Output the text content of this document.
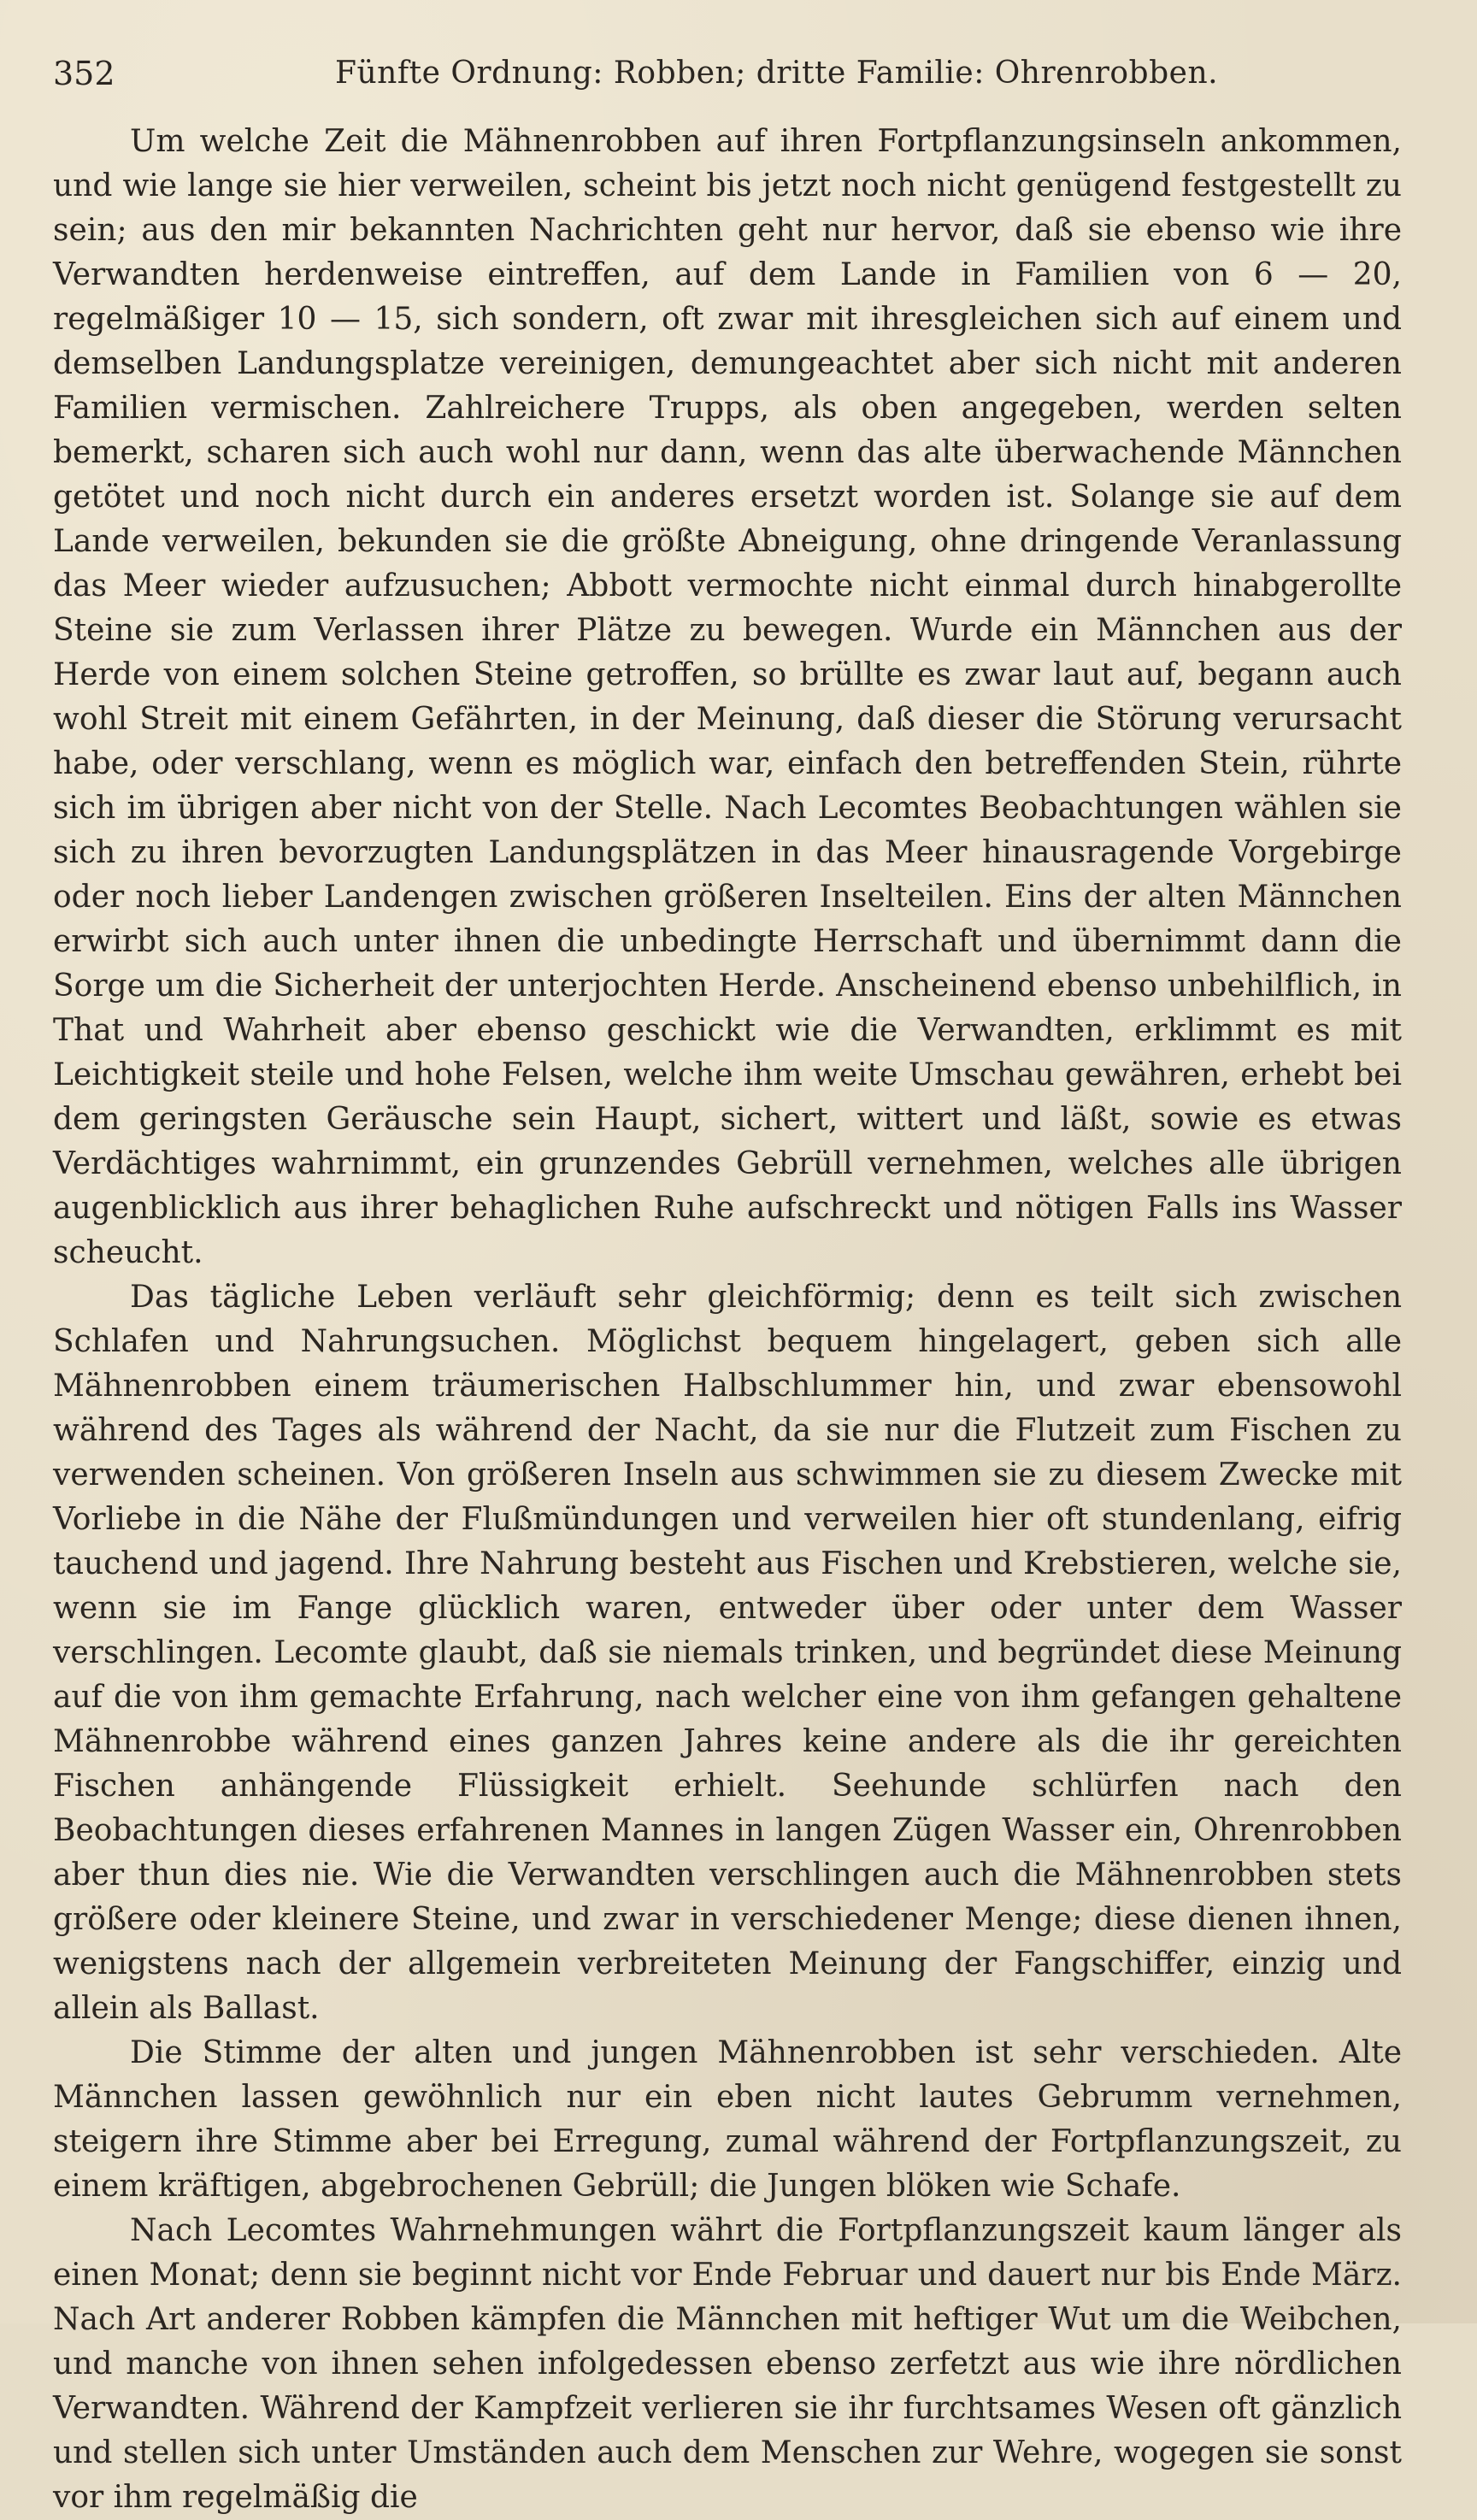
352	Fünfte Ordnung: Robben; dritte Familie: Ohrenrobben.

Um welche Zeit die Mähnenrobben auf ihren Fortpflanzungsinseln ankommen, und wie lange sie hier verweilen, scheint bis jetzt noch nicht genügend festgestellt zu sein; aus den mir bekannten Nachrichten geht nur hervor, daß sie ebenso wie ihre Verwandten herdenweise eintreffen, auf dem Lande in Familien von 6 — 20, regelmäßiger 10 — 15, sich sondern, oft zwar mit ihresgleichen sich auf einem und demselben Landungsplatze vereinigen, demungeachtet aber sich nicht mit anderen Familien vermischen. Zahlreichere Trupps, als oben angegeben, werden selten bemerkt, scharen sich auch wohl nur dann, wenn das alte überwachende Männchen getötet und noch nicht durch ein anderes ersetzt worden ist. Solange sie auf dem Lande verweilen, bekunden sie die größte Abneigung, ohne dringende Veranlassung das Meer wieder aufzusuchen; Abbott vermochte nicht einmal durch hinabgerollte Steine sie zum Verlassen ihrer Plätze zu bewegen. Wurde ein Männchen aus der Herde von einem solchen Steine getroffen, so brüllte es zwar laut auf, begann auch wohl Streit mit einem Gefährten, in der Meinung, daß dieser die Störung verursacht habe, oder verschlang, wenn es möglich war, einfach den betreffenden Stein, rührte sich im übrigen aber nicht von der Stelle. Nach Lecomtes Beobachtungen wählen sie sich zu ihren bevorzugten Landungsplätzen in das Meer hinausragende Vorgebirge oder noch lieber Landengen zwischen größeren Inselteilen. Eins der alten Männchen erwirbt sich auch unter ihnen die unbedingte Herrschaft und übernimmt dann die Sorge um die Sicherheit der unterjochten Herde. Anscheinend ebenso unbehilflich, in That und Wahrheit aber ebenso geschickt wie die Verwandten, erklimmt es mit Leichtigkeit steile und hohe Felsen, welche ihm weite Umschau gewähren, erhebt bei dem geringsten Geräusche sein Haupt, sichert, wittert und läßt, sowie es etwas Verdächtiges wahrnimmt, ein grunzendes Gebrüll vernehmen, welches alle übrigen augenblicklich aus ihrer behaglichen Ruhe aufschreckt und nötigen Falls ins Wasser scheucht.

Das tägliche Leben verläuft sehr gleichförmig; denn es teilt sich zwischen Schlafen und Nahrungsuchen. Möglichst bequem hingelagert, geben sich alle Mähnenrobben einem träumerischen Halbschlummer hin, und zwar ebensowohl während des Tages als während der Nacht, da sie nur die Flutzeit zum Fischen zu verwenden scheinen. Von größeren Inseln aus schwimmen sie zu diesem Zwecke mit Vorliebe in die Nähe der Flußmündungen und verweilen hier oft stundenlang, eifrig tauchend und jagend. Ihre Nahrung besteht aus Fischen und Krebstieren, welche sie, wenn sie im Fange glücklich waren, entweder über oder unter dem Wasser verschlingen. Lecomte glaubt, daß sie niemals trinken, und begründet diese Meinung auf die von ihm gemachte Erfahrung, nach welcher eine von ihm gefangen gehaltene Mähnenrobbe während eines ganzen Jahres keine andere als die ihr gereichten Fischen anhängende Flüssigkeit erhielt. Seehunde schlürfen nach den Beobachtungen dieses erfahrenen Mannes in langen Zügen Wasser ein, Ohrenrobben aber thun dies nie. Wie die Verwandten verschlingen auch die Mähnenrobben stets größere oder kleinere Steine, und zwar in verschiedener Menge; diese dienen ihnen, wenigstens nach der allgemein verbreiteten Meinung der Fangschiffer, einzig und allein als Ballast.

Die Stimme der alten und jungen Mähnenrobben ist sehr verschieden. Alte Männchen lassen gewöhnlich nur ein eben nicht lautes Gebrumm vernehmen, steigern ihre Stimme aber bei Erregung, zumal während der Fortpflanzungszeit, zu einem kräftigen, abgebrochenen Gebrüll; die Jungen blöken wie Schafe.

Nach Lecomtes Wahrnehmungen währt die Fortpflanzungszeit kaum länger als einen Monat; denn sie beginnt nicht vor Ende Februar und dauert nur bis Ende März. Nach Art anderer Robben kämpfen die Männchen mit heftiger Wut um die Weibchen, und manche von ihnen sehen infolgedessen ebenso zerfetzt aus wie ihre nördlichen Verwandten. Während der Kampfzeit verlieren sie ihr furchtsames Wesen oft gänzlich und stellen sich unter Umständen auch dem Menschen zur Wehre, wogegen sie sonst vor ihm regelmäßig die
